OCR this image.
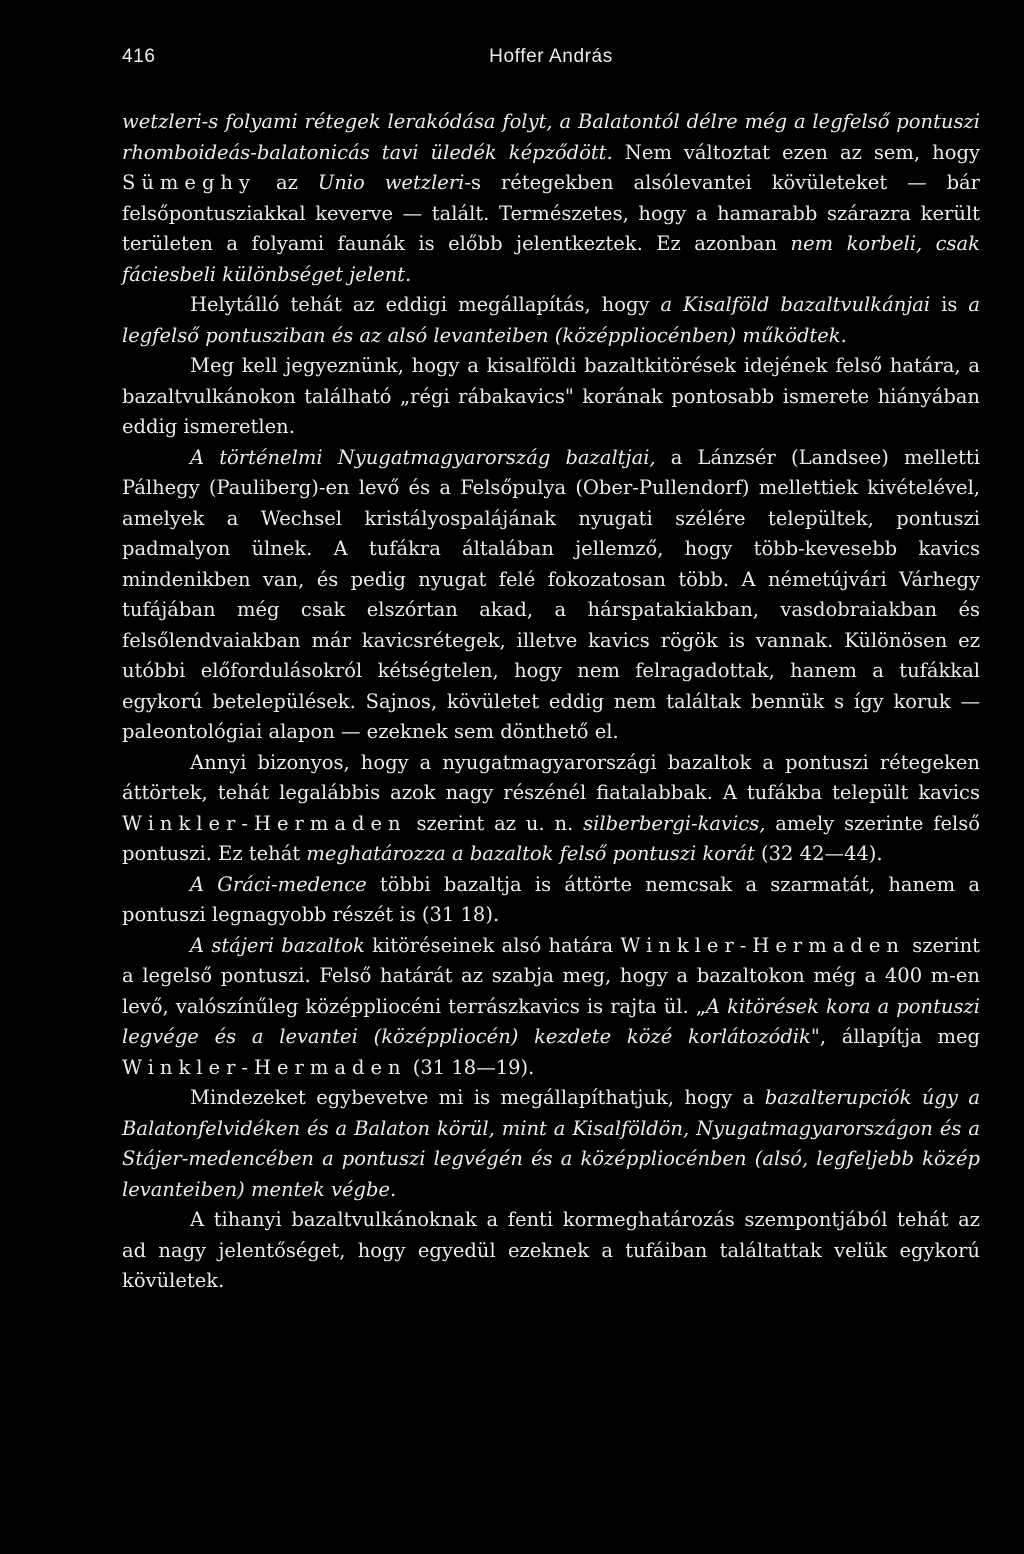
416	Hoffer András

wetzleri-s folyami rétegek lerakódása folyt, a Balatontól délre még a legfelső pontuszi rhomboideás-balatonicás tavi üledék képződött. Nem változtat ezen az sem, hogy Sümeghy az Unio wetzleri-s rétegekben alsólevantei kövületeket — bár felsőpontusziakkal keverve — talált. Természetes, hogy a hamarabb szárazra került területen a folyami faunák is előbb jelentkeztek. Ez azonban nem korbeli, csak fáciesbeli különbséget jelent.

Helytálló tehát az eddigi megállapítás, hogy a Kisalföld bazaltvulkánjai is a legfelső pontusziban és az alsó levanteiben (középpliocénben) működtek.

Meg kell jegyeznünk, hogy a kisalföldi bazaltkitörések idejének felső határa, a bazaltvulkánokon található „régi rábakavics" korának pontosabb ismerete hiányában eddig ismeretlen.

A történelmi Nyugatmagyarország bazaltjai, a Lánzsér (Landsee) melletti Pálhegy (Pauliberg)-en levő és a Felsőpulya (Ober-Pullendorf) mellettiek kivételével, amelyek a Wechsel kristályospalájának nyugati szélére települtek, pontuszi padmalyon ülnek. A tufákra általában jellemző, hogy több-kevesebb kavics mindenikben van, és pedig nyugat felé fokozatosan több. A németújvári Várhegy tufájában még csak elszórtan akad, a hárspatakiakban, vasdobraiakban és felsőlendvaiakban már kavicsrétegek, illetve kavics rögök is vannak. Különösen ez utóbbi előfordulásokról kétségtelen, hogy nem felragadottak, hanem a tufákkal egykorú betelepülések. Sajnos, kövületet eddig nem találtak bennük s így koruk — paleontológiai alapon — ezeknek sem dönthető el.

Annyi bizonyos, hogy a nyugatmagyarországi bazaltok a pontuszi rétegeken áttörtek, tehát legalábbis azok nagy részénél fiatalabbak. A tufákba települt kavics Winkler-Hermaden szerint az u. n. silberbergi-kavics, amely szerinte felső pontuszi. Ez tehát meghatározza a bazaltok felső pontuszi korát (32 42—44).

A Gráci-medence többi bazaltja is áttörte nemcsak a szarmatát, hanem a pontuszi legnagyobb részét is (31 18).

A stájeri bazaltok kitöréseinek alsó határa Winkler-Hermaden szerint a legelső pontuszi. Felső határát az szabja meg, hogy a bazaltokon még a 400 m-en levő, valószínűleg középpliocéni terrászkavics is rajta ül. „A kitörések kora a pontuszi legvége és a levantei (középpliocén) kezdete közé korlátozódik", állapítja meg Winkler-Hermaden (31 18—19).

Mindezeket egybevetve mi is megállapíthatjuk, hogy a bazalterupciók úgy a Balatonfelvidéken és a Balaton körül, mint a Kisalföldön, Nyugatmagyarországon és a Stájer-medencében a pontuszi legvégén és a középpliocénben (alsó, legfeljebb közép levanteiben) mentek végbe.

A tihanyi bazaltvulkánoknak a fenti kormeghatározás szempontjából tehát az ad nagy jelentőséget, hogy egyedül ezeknek a tufáiban találtattak velük egykorú kövületek.
